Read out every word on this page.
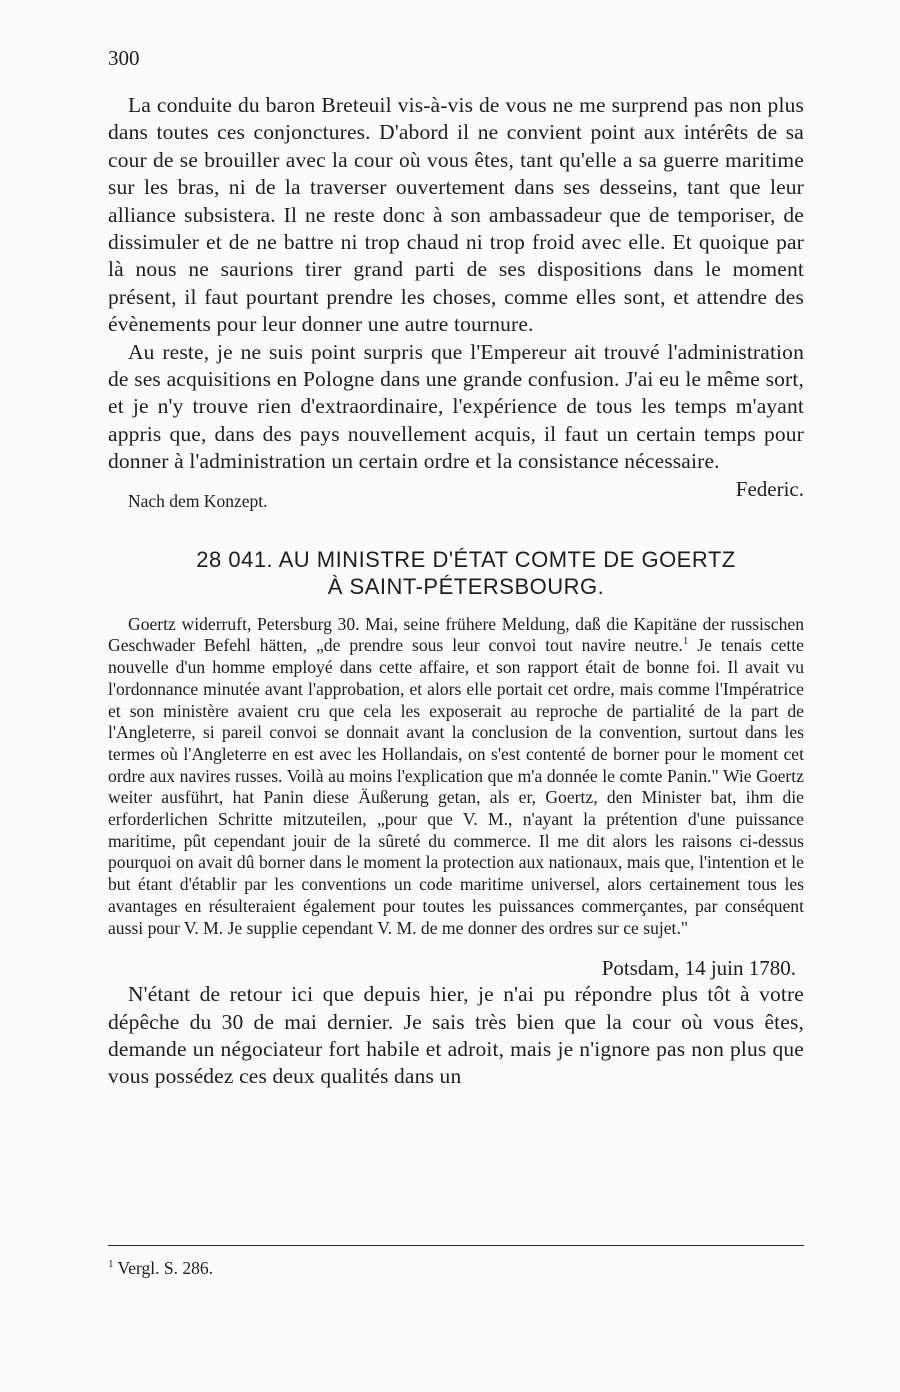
300

La conduite du baron Breteuil vis-à-vis de vous ne me surprend pas non plus dans toutes ces conjonctures. D'abord il ne convient point aux intérêts de sa cour de se brouiller avec la cour où vous êtes, tant qu'elle a sa guerre maritime sur les bras, ni de la traverser ouvertement dans ses desseins, tant que leur alliance subsistera. Il ne reste donc à son ambassadeur que de temporiser, de dissimuler et de ne battre ni trop chaud ni trop froid avec elle. Et quoique par là nous ne saurions tirer grand parti de ses dispositions dans le moment présent, il faut pourtant prendre les choses, comme elles sont, et attendre des évènements pour leur donner une autre tournure.

Au reste, je ne suis point surpris que l'Empereur ait trouvé l'administration de ses acquisitions en Pologne dans une grande confusion. J'ai eu le même sort, et je n'y trouve rien d'extraordinaire, l'expérience de tous les temps m'ayant appris que, dans des pays nouvellement acquis, il faut un certain temps pour donner à l'administration un certain ordre et la consistance nécessaire.

Nach dem Konzept.	Federic.
28 041. AU MINISTRE D'ÉTAT COMTE DE GOERTZ
À SAINT-PÉTERSBOURG.

Goertz widerruft, Petersburg 30. Mai, seine frühere Meldung, daß die Kapitäne der russischen Geschwader Befehl hätten, „de prendre sous leur convoi tout navire neutre.$^1$ Je tenais cette nouvelle d'un homme employé dans cette affaire, et son rapport était de bonne foi. Il avait vu l'ordonnance minutée avant l'approbation, et alors elle portait cet ordre, mais comme l'Impératrice et son ministère avaient cru que cela les exposerait au reproche de partialité de la part de l'Angleterre, si pareil convoi se donnait avant la conclusion de la convention, surtout dans les termes où l'Angleterre en est avec les Hollandais, on s'est contenté de borner pour le moment cet ordre aux navires russes. Voilà au moins l'explication que m'a donnée le comte Panin." Wie Goertz weiter ausführt, hat Panin diese Äußerung getan, als er, Goertz, den Minister bat, ihm die erforderlichen Schritte mitzuteilen, „pour que V. M., n'ayant la prétention d'une puissance maritime, pût cependant jouir de la sûreté du commerce. Il me dit alors les raisons ci-dessus pourquoi on avait dû borner dans le moment la protection aux nationaux, mais que, l'intention et le but étant d'établir par les conventions un code maritime universel, alors certainement tous les avantages en résulteraient également pour toutes les puissances commerçantes, par conséquent aussi pour V. M. Je supplie cependant V. M. de me donner des ordres sur ce sujet."

Potsdam, 14 juin 1780.

N'étant de retour ici que depuis hier, je n'ai pu répondre plus tôt à votre dépêche du 30 de mai dernier. Je sais très bien que la cour où vous êtes, demande un négociateur fort habile et adroit, mais je n'ignore pas non plus que vous possédez ces deux qualités dans un

$^1$ Vergl. S. 286.
